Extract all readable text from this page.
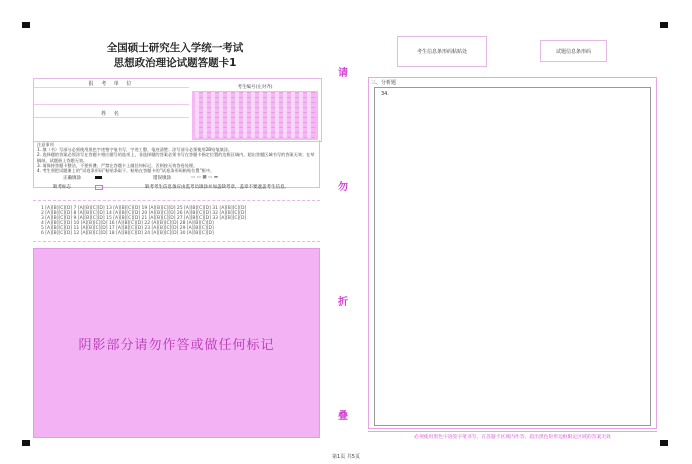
全国硕士研究生入学统一考试
思想政治理论试题答题卡1
考生信息条形码粘贴处	试题信息条形码
报 考 单 位
姓 名
考生编号(左对齐)
注意事项
1. 填（书）写部分必须使用黑色字迹签字笔书写，字迹工整、笔迹清楚；涂写部分必须使用2B铅笔填涂。
2. 选择题的答案必须涂写在答题卡相应题号的选项上，非选择题的答案必须书写在答题卡指定位置的边框区域内，超出答题区域书写的答案无效；在草稿纸、试题册上答题无效。
3. 请保持答题卡整洁，不要折叠、严禁在答题卡上做任何标记，否则按无效答卷处理。
4. 考生须把试题册上的“试卷条形码”粘贴条取下，粘贴在答题卡的“试卷条形码粘贴位置”框中。
正确填涂	错误填涂	▭ ▭ ■ ▭ ▬
缺考标志	缺考考生信息条应由监考员填涂并加盖缺考章，盖章不要遮盖考生信息。
1 [A][B][C][D] 7 [A][B][C][D] 13 [A][B][C][D] 19 [A][B][C][D] 25 [A][B][C][D] 31 [A][B][C][D]
2 [A][B][C][D] 8 [A][B][C][D] 14 [A][B][C][D] 20 [A][B][C][D] 26 [A][B][C][D] 32 [A][B][C][D]
3 [A][B][C][D] 9 [A][B][C][D] 15 [A][B][C][D] 21 [A][B][C][D] 27 [A][B][C][D] 33 [A][B][C][D]
4 [A][B][C][D] 10 [A][B][C][D] 16 [A][B][C][D] 22 [A][B][C][D] 28 [A][B][C][D]
5 [A][B][C][D] 11 [A][B][C][D] 17 [A][B][C][D] 23 [A][B][C][D] 29 [A][B][C][D]
6 [A][B][C][D] 12 [A][B][C][D] 18 [A][B][C][D] 24 [A][B][C][D] 30 [A][B][C][D]
阴影部分请勿作答或做任何标记
请
勿
折
叠
三、分析题
34.
必须使用黑色字迹签字笔书写，在答题卡区域内作答，超出黑色矩形边框限定区域的答案无效
第1页 共5页
